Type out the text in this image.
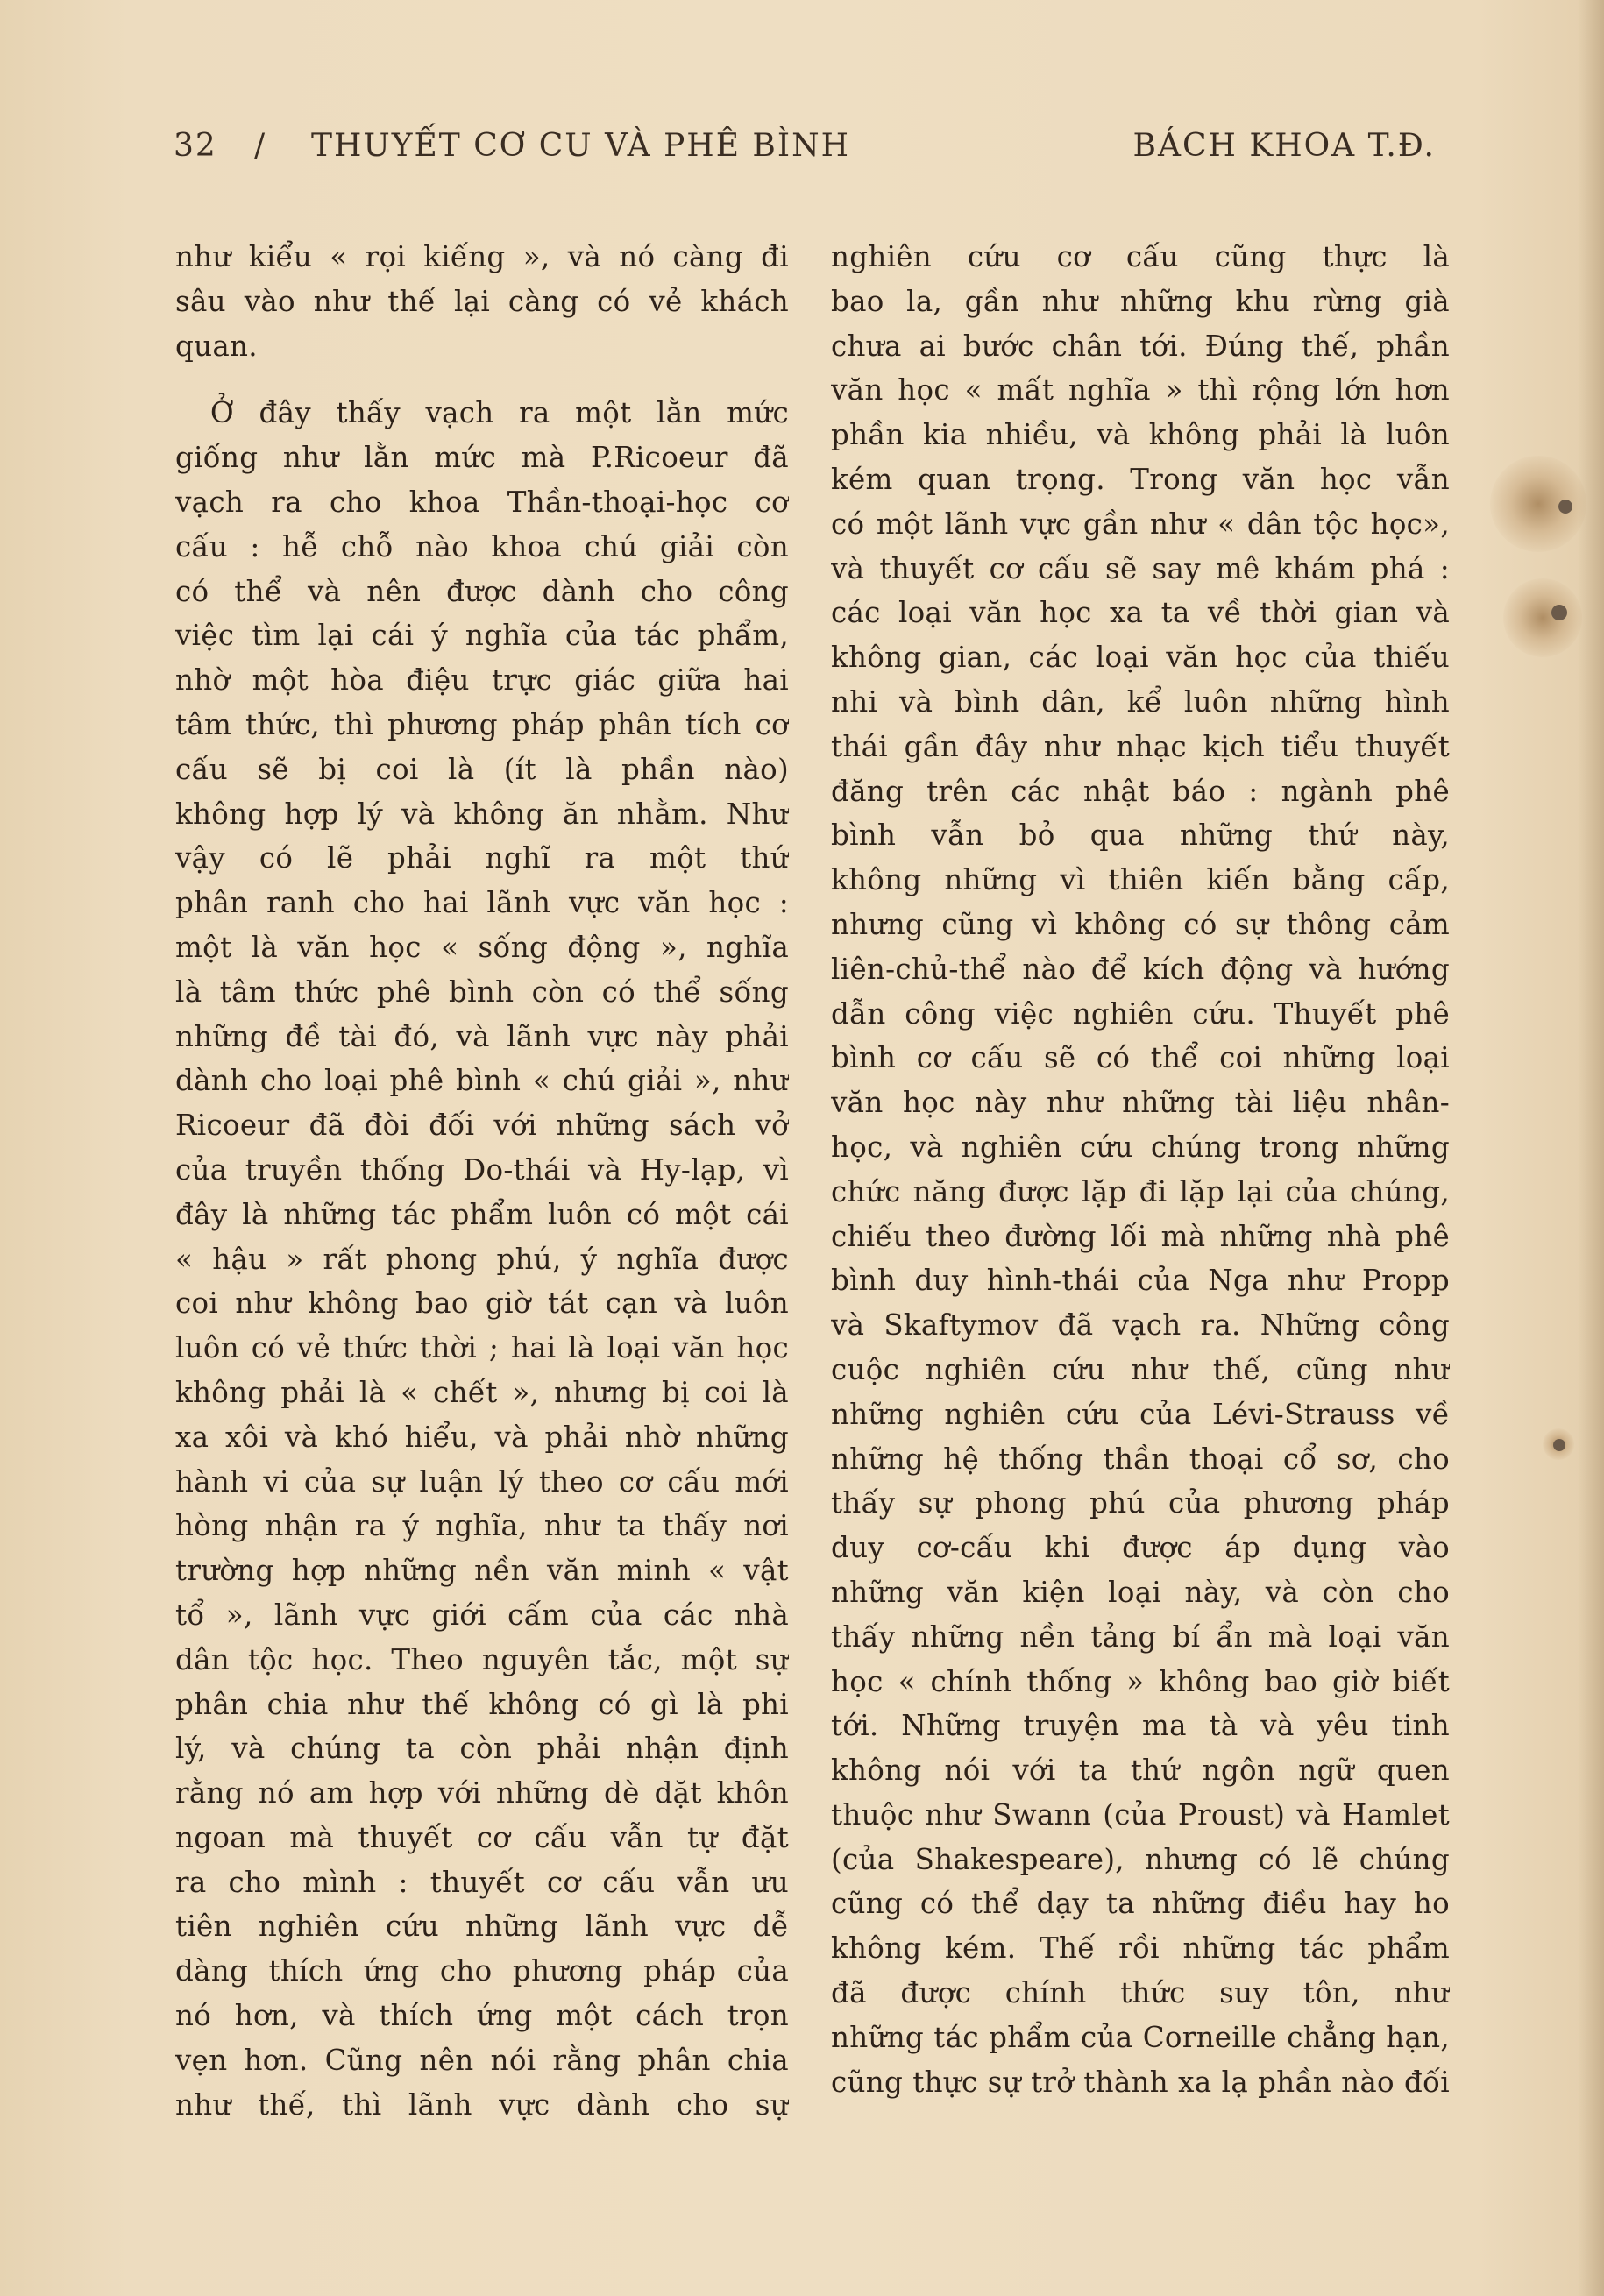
32 / THUYẾT CƠ CU VÀ PHÊ BÌNH	BÁCH KHOA T.Đ.
như kiểu « rọi kiếng », và nó càng đi
sâu vào như thế lại càng có vẻ khách
quan.
Ở đây thấy vạch ra một lằn mức
giống như lằn mức mà P.Ricoeur đã
vạch ra cho khoa Thần-thoại-học cơ
cấu : hễ chỗ nào khoa chú giải còn
có thể và nên được dành cho công
việc tìm lại cái ý nghĩa của tác phẩm,
nhờ một hòa điệu trực giác giữa hai
tâm thức, thì phương pháp phân tích cơ
cấu sẽ bị coi là (ít là phần nào)
không hợp lý và không ăn nhằm. Như
vậy có lẽ phải nghĩ ra một thứ
phân ranh cho hai lãnh vực văn học :
một là văn học « sống động », nghĩa
là tâm thức phê bình còn có thể sống
những đề tài đó, và lãnh vực này phải
dành cho loại phê bình « chú giải », như
Ricoeur đã đòi đối với những sách vở
của truyền thống Do-thái và Hy-lạp, vì
đây là những tác phẩm luôn có một cái
« hậu » rất phong phú, ý nghĩa được
coi như không bao giờ tát cạn và luôn
luôn có vẻ thức thời ; hai là loại văn học
không phải là « chết », nhưng bị coi là
xa xôi và khó hiểu, và phải nhờ những
hành vi của sự luận lý theo cơ cấu mới
hòng nhận ra ý nghĩa, như ta thấy nơi
trường hợp những nền văn minh « vật
tổ », lãnh vực giới cấm của các nhà
dân tộc học. Theo nguyên tắc, một sự
phân chia như thế không có gì là phi
lý, và chúng ta còn phải nhận định
rằng nó am hợp với những dè dặt khôn
ngoan mà thuyết cơ cấu vẫn tự đặt
ra cho mình : thuyết cơ cấu vẫn ưu
tiên nghiên cứu những lãnh vực dễ
dàng thích ứng cho phương pháp của
nó hơn, và thích ứng một cách trọn
vẹn hơn. Cũng nên nói rằng phân chia
như thế, thì lãnh vực dành cho sự
nghiên cứu cơ cấu cũng thực là
bao la, gần như những khu rừng già
chưa ai bước chân tới. Đúng thế, phần
văn học « mất nghĩa » thì rộng lớn hơn
phần kia nhiều, và không phải là luôn
kém quan trọng. Trong văn học vẫn
có một lãnh vực gần như « dân tộc học»,
và thuyết cơ cấu sẽ say mê khám phá :
các loại văn học xa ta về thời gian và
không gian, các loại văn học của thiếu
nhi và bình dân, kể luôn những hình
thái gần đây như nhạc kịch tiểu thuyết
đăng trên các nhật báo : ngành phê
bình vẫn bỏ qua những thứ này,
không những vì thiên kiến bằng cấp,
nhưng cũng vì không có sự thông cảm
liên-chủ-thể nào để kích động và hướng
dẫn công việc nghiên cứu. Thuyết phê
bình cơ cấu sẽ có thể coi những loại
văn học này như những tài liệu nhân-
học, và nghiên cứu chúng trong những
chức năng được lặp đi lặp lại của chúng,
chiếu theo đường lối mà những nhà phê
bình duy hình-thái của Nga như Propp
và Skaftymov đã vạch ra. Những công
cuộc nghiên cứu như thế, cũng như
những nghiên cứu của Lévi-Strauss về
những hệ thống thần thoại cổ sơ, cho
thấy sự phong phú của phương pháp
duy cơ-cấu khi được áp dụng vào
những văn kiện loại này, và còn cho
thấy những nền tảng bí ẩn mà loại văn
học « chính thống » không bao giờ biết
tới. Những truyện ma tà và yêu tinh
không nói với ta thứ ngôn ngữ quen
thuộc như Swann (của Proust) và Hamlet
(của Shakespeare), nhưng có lẽ chúng
cũng có thể dạy ta những điều hay ho
không kém. Thế rồi những tác phẩm
đã được chính thức suy tôn, như
những tác phẩm của Corneille chẳng hạn,
cũng thực sự trở thành xa lạ phần nào đối
